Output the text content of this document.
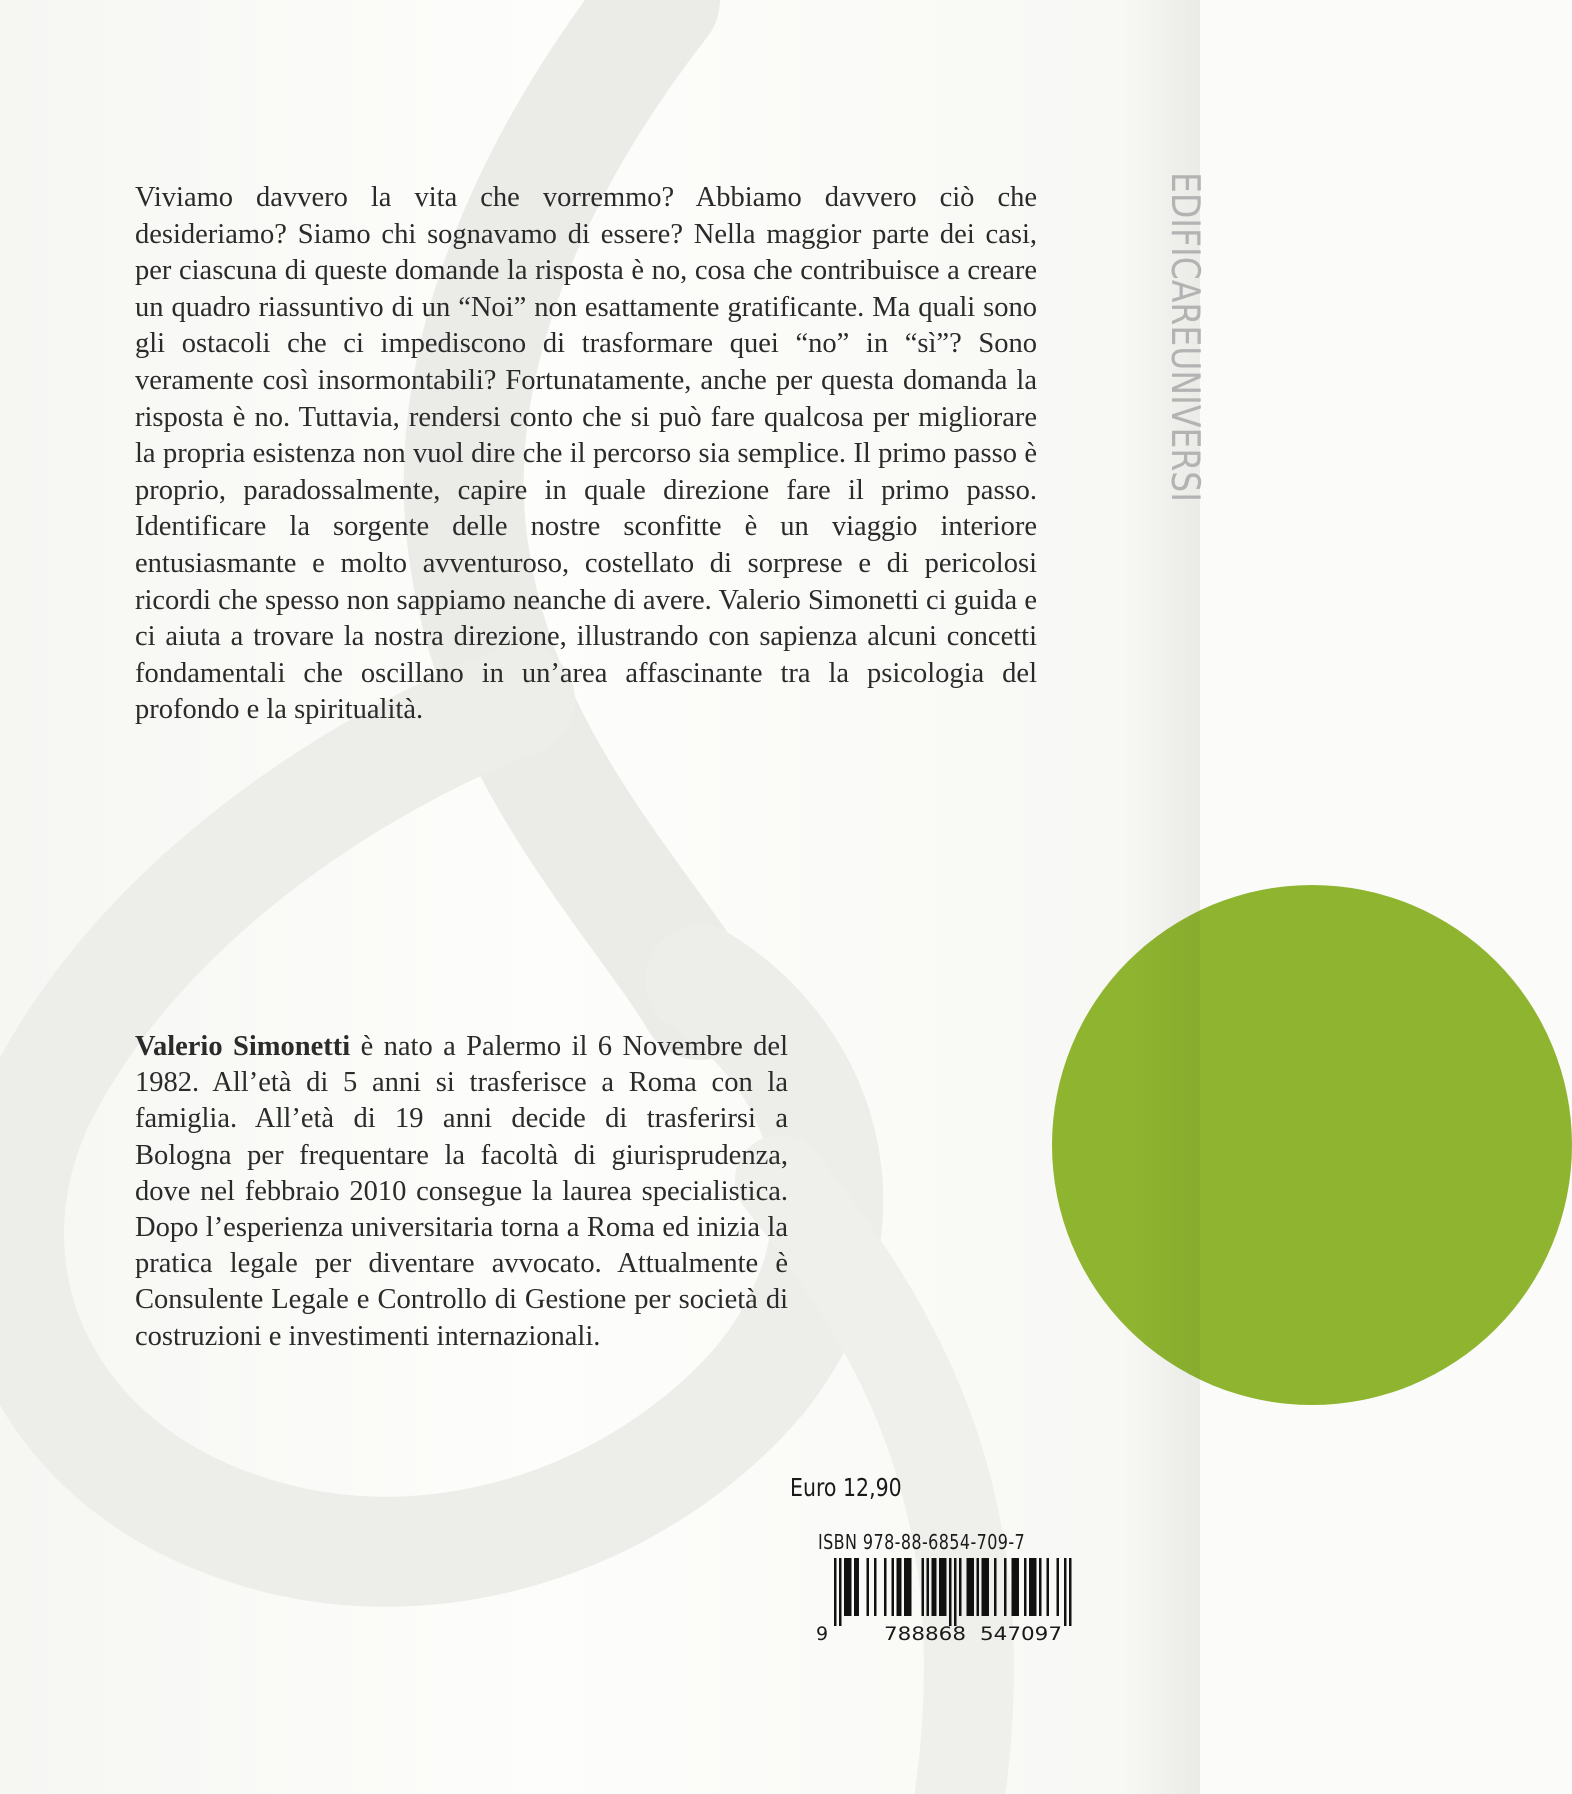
EDIFICAREUNIVERSI
Viviamo davvero la vita che vorremmo? Abbiamo davvero ciò che desideriamo? Siamo chi sognavamo di essere? Nella maggior parte dei casi, per ciascuna di queste domande la risposta è no, cosa che contribuisce a creare un quadro riassuntivo di un “Noi” non esattamente gratificante. Ma quali sono gli ostacoli che ci impediscono di trasformare quei “no” in “sì”? Sono veramente così insormontabili? Fortunatamente, anche per questa domanda la risposta è no. Tuttavia, rendersi conto che si può fare qualcosa per migliorare la propria esistenza non vuol dire che il percorso sia semplice. Il primo passo è proprio, paradossalmente, capire in quale direzione fare il primo passo. Identificare la sorgente delle nostre sconfitte è un viaggio interiore entusiasmante e molto avventuroso, costellato di sorprese e di pericolosi ricordi che spesso non sappiamo neanche di avere. Valerio Simonetti ci guida e ci aiuta a trovare la nostra direzione, illustrando con sapienza alcuni concetti fondamentali che oscillano in un’area affascinante tra la psicologia del profondo e la spiritualità.
Valerio Simonetti è nato a Palermo il 6 Novembre del 1982. All’età di 5 anni si trasferisce a Roma con la famiglia. All’età di 19 anni decide di trasferirsi a Bologna per frequentare la facoltà di giurisprudenza, dove nel febbraio 2010 consegue la laurea specialistica. Dopo l’esperienza universitaria torna a Roma ed inizia la pratica legale per diventare avvocato. Attualmente è Consulente Legale e Controllo di Gestione per società di costruzioni e investimenti internazionali.
Euro 12,90
ISBN 978-88-6854-709-7
9	788868 547097
